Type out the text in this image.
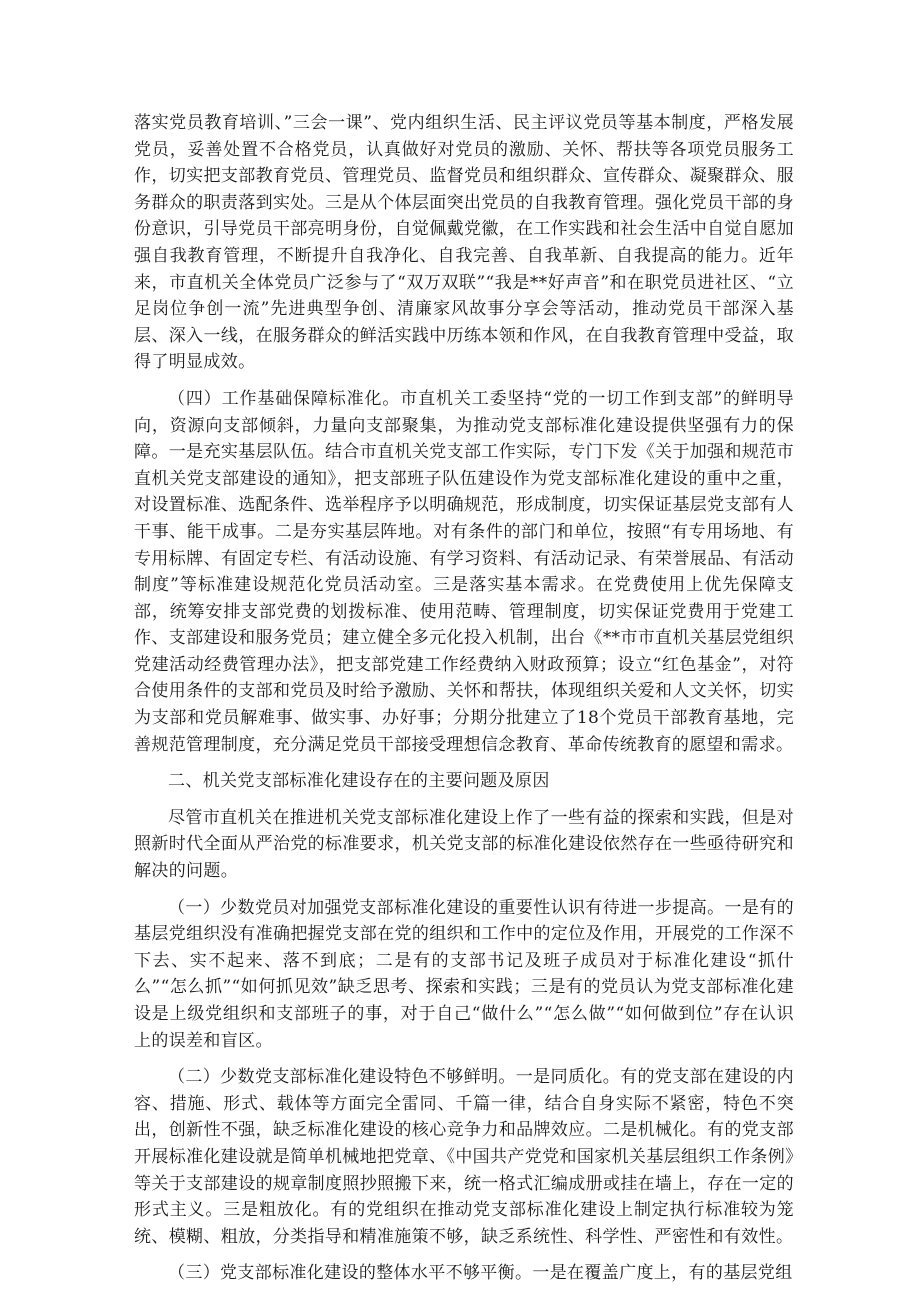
落实党员教育培训、”三会一课”、党内组织生活、民主评议党员等基本制度，严格发展党员，妥善处置不合格党员，认真做好对党员的激励、关怀、帮扶等各项党员服务工作，切实把支部教育党员、管理党员、监督党员和组织群众、宣传群众、凝聚群众、服务群众的职责落到实处。三是从个体层面突出党员的自我教育管理。强化党员干部的身份意识，引导党员干部亮明身份，自觉佩戴党徽，在工作实践和社会生活中自觉自愿加强自我教育管理，不断提升自我净化、自我完善、自我革新、自我提高的能力。近年来，市直机关全体党员广泛参与了“双万双联”“我是**好声音”和在职党员进社区、“立足岗位争创一流”先进典型争创、清廉家风故事分享会等活动，推动党员干部深入基层、深入一线，在服务群众的鲜活实践中历练本领和作风，在自我教育管理中受益，取得了明显成效。

（四）工作基础保障标准化。市直机关工委坚持“党的一切工作到支部”的鲜明导向，资源向支部倾斜，力量向支部聚集，为推动党支部标准化建设提供坚强有力的保障。一是充实基层队伍。结合市直机关党支部工作实际，专门下发《关于加强和规范市直机关党支部建设的通知》，把支部班子队伍建设作为党支部标准化建设的重中之重，对设置标准、选配条件、选举程序予以明确规范，形成制度，切实保证基层党支部有人干事、能干成事。二是夯实基层阵地。对有条件的部门和单位，按照“有专用场地、有专用标牌、有固定专栏、有活动设施、有学习资料、有活动记录、有荣誉展品、有活动制度”等标准建设规范化党员活动室。三是落实基本需求。在党费使用上优先保障支部，统筹安排支部党费的划拨标准、使用范畴、管理制度，切实保证党费用于党建工作、支部建设和服务党员；建立健全多元化投入机制，出台《**市市直机关基层党组织党建活动经费管理办法》，把支部党建工作经费纳入财政预算；设立“红色基金”，对符合使用条件的支部和党员及时给予激励、关怀和帮扶，体现组织关爱和人文关怀，切实为支部和党员解难事、做实事、办好事；分期分批建立了18个党员干部教育基地，完善规范管理制度，充分满足党员干部接受理想信念教育、革命传统教育的愿望和需求。

二、机关党支部标准化建设存在的主要问题及原因

尽管市直机关在推进机关党支部标准化建设上作了一些有益的探索和实践，但是对照新时代全面从严治党的标准要求，机关党支部的标准化建设依然存在一些亟待研究和解决的问题。

（一）少数党员对加强党支部标准化建设的重要性认识有待进一步提高。一是有的基层党组织没有准确把握党支部在党的组织和工作中的定位及作用，开展党的工作深不下去、实不起来、落不到底；二是有的支部书记及班子成员对于标准化建设“抓什么”“怎么抓”“如何抓见效”缺乏思考、探索和实践；三是有的党员认为党支部标准化建设是上级党组织和支部班子的事，对于自己“做什么”“怎么做”“如何做到位”存在认识上的误差和盲区。

（二）少数党支部标准化建设特色不够鲜明。一是同质化。有的党支部在建设的内容、措施、形式、载体等方面完全雷同、千篇一律，结合自身实际不紧密，特色不突出，创新性不强，缺乏标准化建设的核心竞争力和品牌效应。二是机械化。有的党支部开展标准化建设就是简单机械地把党章、《中国共产党党和国家机关基层组织工作条例》等关于支部建设的规章制度照抄照搬下来，统一格式汇编成册或挂在墙上，存在一定的形式主义。三是粗放化。有的党组织在推动党支部标准化建设上制定执行标准较为笼统、模糊、粗放，分类指导和精准施策不够，缺乏系统性、科学性、严密性和有效性。

（三）党支部标准化建设的整体水平不够平衡。一是在覆盖广度上，有的基层党组
